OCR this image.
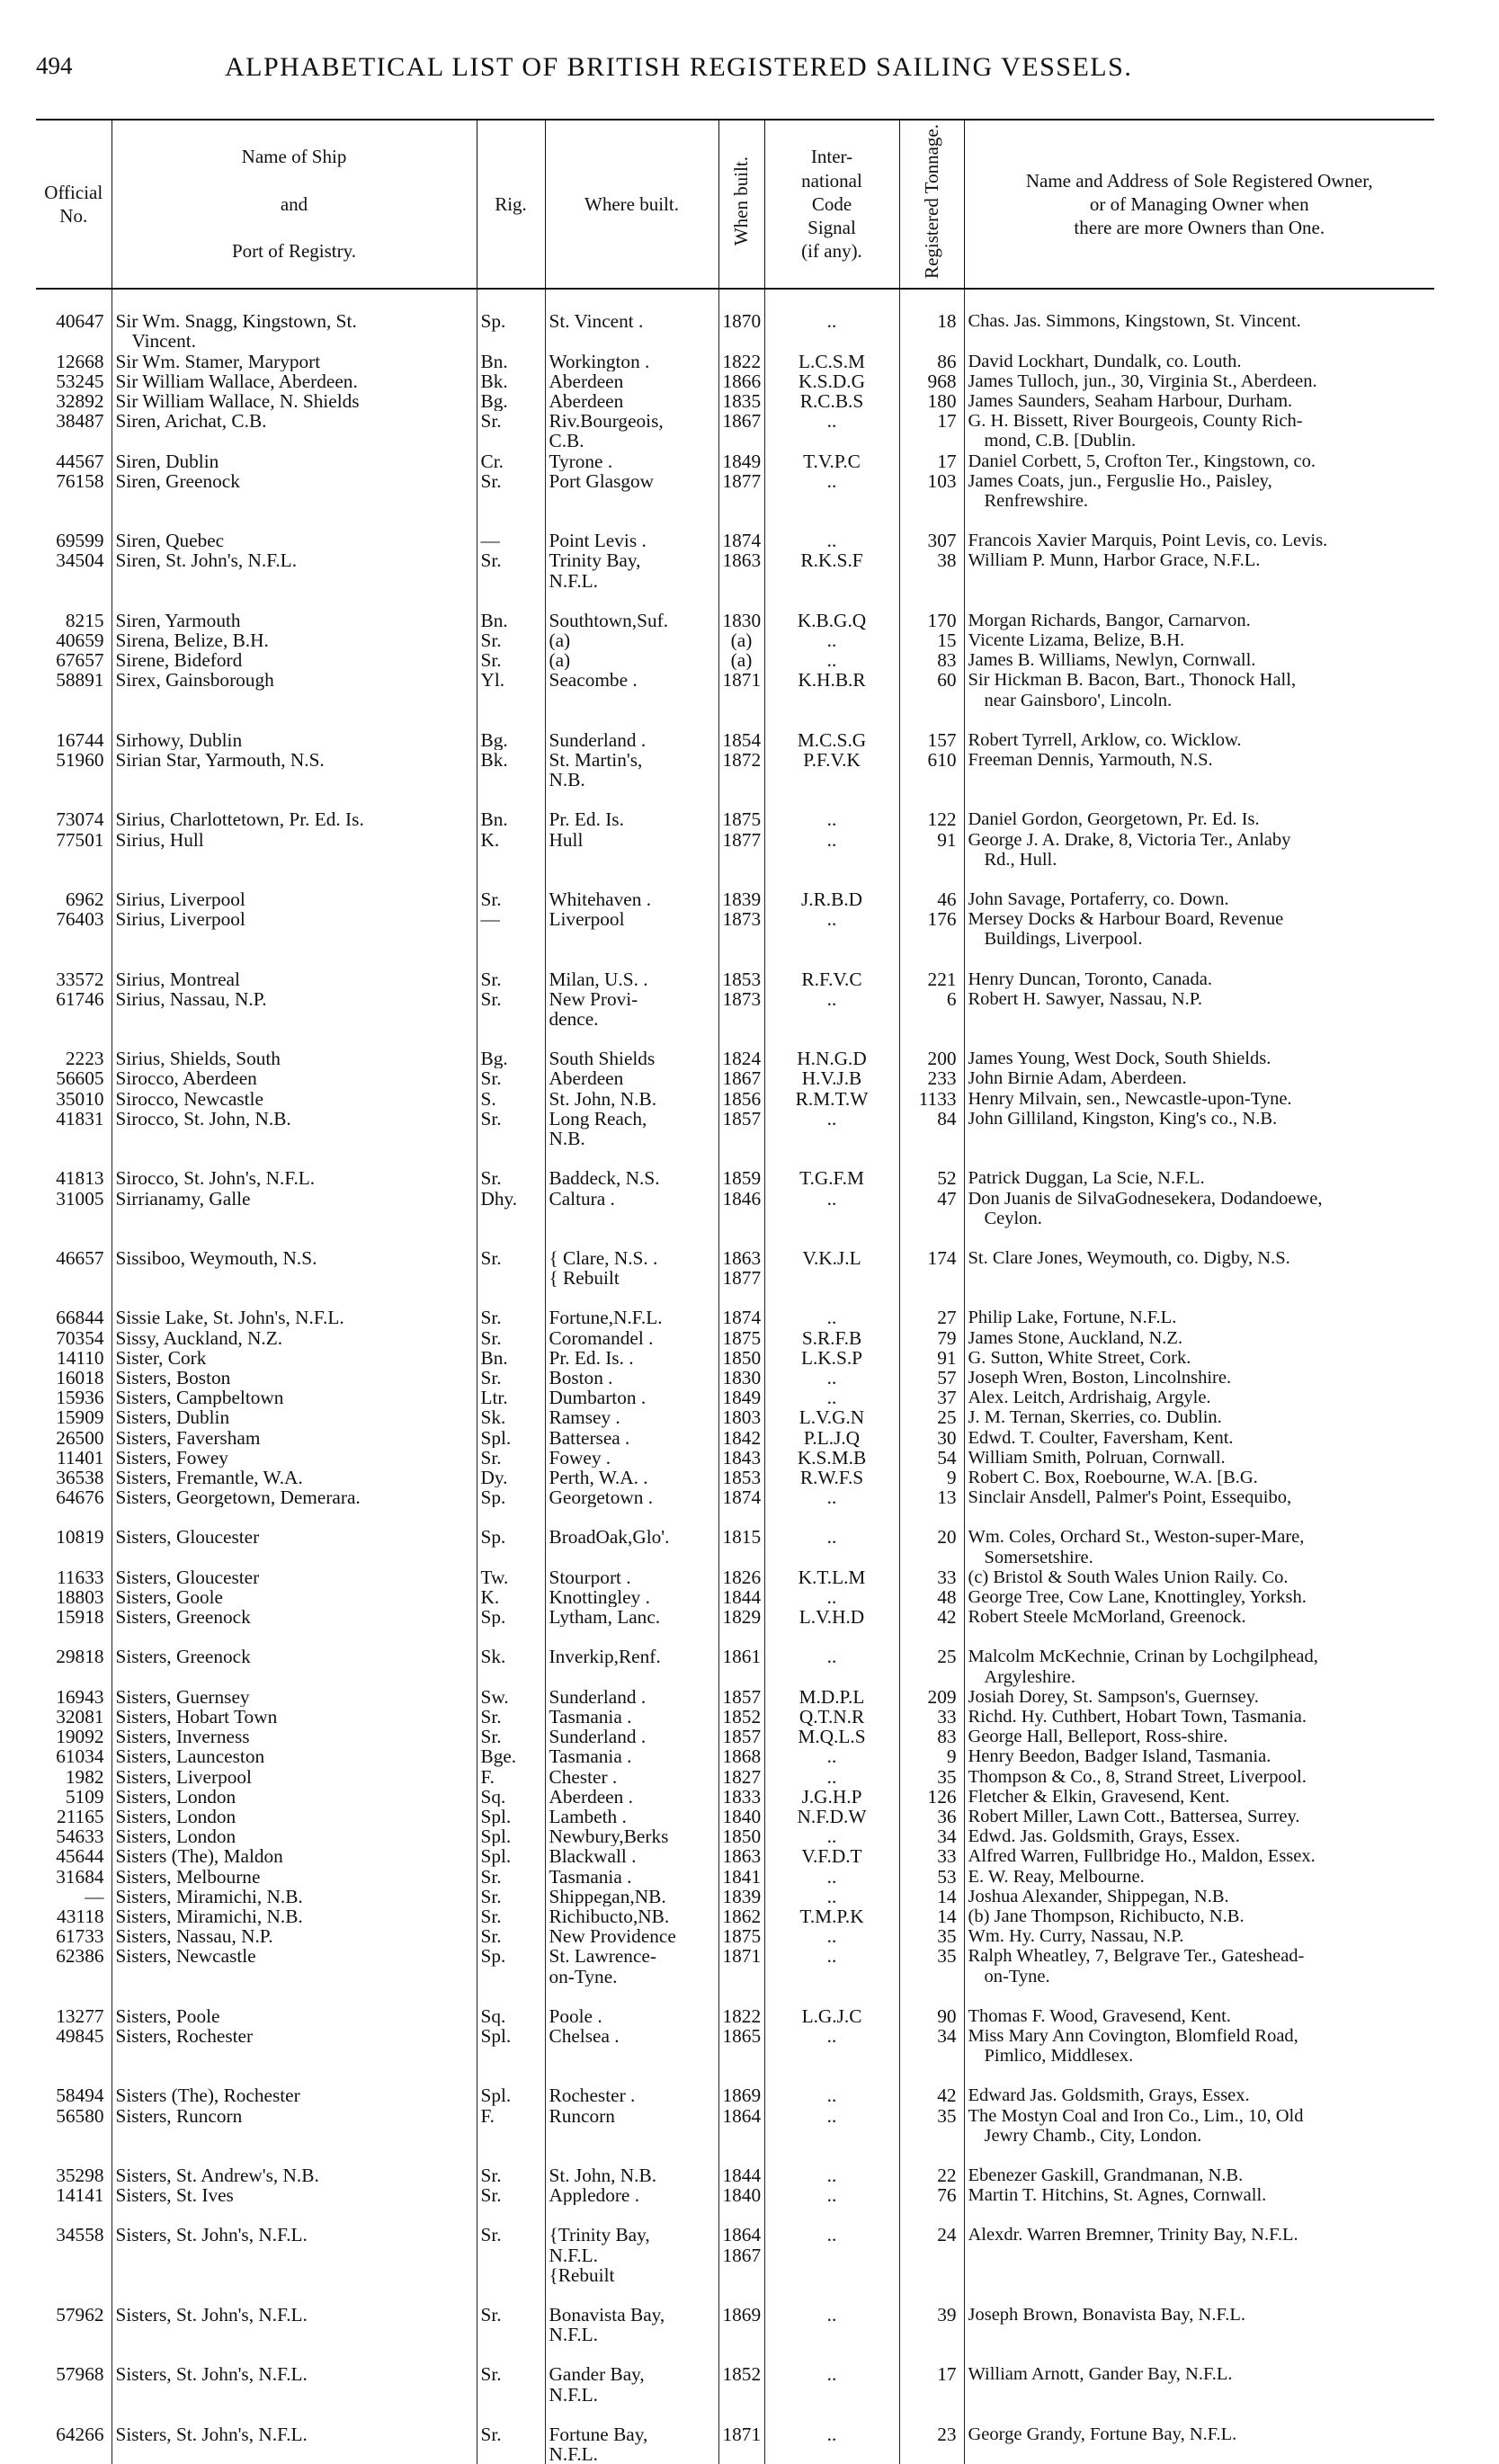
494	ALPHABETICAL LIST OF BRITISH REGISTERED SAILING VESSELS.
Official No.	Name of Ship

and

Port of Registry.	Rig.	Where built.	When built.	Inter-
national
Code
Signal
(if any).	Registered Tonnage.	Name and Address of Sole Registered Owner,
or of Managing Owner when
there are more Owners than One.

40647	Sir Wm. Snagg, Kingstown, St.
Vincent.	Sp.	St. Vincent .	1870	..	18	Chas. Jas. Simmons, Kingstown, St. Vincent.

12668	Sir Wm. Stamer, Maryport	Bn.	Workington .	1822	L.C.S.M	86	David Lockhart, Dundalk, co. Louth.

53245	Sir William Wallace, Aberdeen.	Bk.	Aberdeen	1866	K.S.D.G	968	James Tulloch, jun., 30, Virginia St., Aberdeen.

32892	Sir William Wallace, N. Shields	Bg.	Aberdeen	1835	R.C.B.S	180	James Saunders, Seaham Harbour, Durham.

38487	Siren, Arichat, C.B.	Sr.	Riv.Bourgeois,
C.B.	1867	..	17	G. H. Bissett, River Bourgeois, County Rich-
mond, C.B. [Dublin.

44567	Siren, Dublin	Cr.	Tyrone .	1849	T.V.P.C	17	Daniel Corbett, 5, Crofton Ter., Kingstown, co.

76158	Siren, Greenock	Sr.	Port Glasgow	1877	..	103	James Coats, jun., Ferguslie Ho., Paisley,
Renfrewshire.

69599	Siren, Quebec	—	Point Levis .	1874	..	307	Francois Xavier Marquis, Point Levis, co. Levis.

34504	Siren, St. John's, N.F.L.	Sr.	Trinity Bay,
N.F.L.	1863	R.K.S.F	38	William P. Munn, Harbor Grace, N.F.L.

8215	Siren, Yarmouth	Bn.	Southtown,Suf.	1830	K.B.G.Q	170	Morgan Richards, Bangor, Carnarvon.

40659	Sirena, Belize, B.H.	Sr.	(a)	(a)	..	15	Vicente Lizama, Belize, B.H.

67657	Sirene, Bideford	Sr.	(a)	(a)	..	83	James B. Williams, Newlyn, Cornwall.

58891	Sirex, Gainsborough	Yl.	Seacombe .	1871	K.H.B.R	60	Sir Hickman B. Bacon, Bart., Thonock Hall,
near Gainsboro', Lincoln.

16744	Sirhowy, Dublin	Bg.	Sunderland .	1854	M.C.S.G	157	Robert Tyrrell, Arklow, co. Wicklow.

51960	Sirian Star, Yarmouth, N.S.	Bk.	St. Martin's,
N.B.	1872	P.F.V.K	610	Freeman Dennis, Yarmouth, N.S.

73074	Sirius, Charlottetown, Pr. Ed. Is.	Bn.	Pr. Ed. Is.	1875	..	122	Daniel Gordon, Georgetown, Pr. Ed. Is.

77501	Sirius, Hull	K.	Hull	1877	..	91	George J. A. Drake, 8, Victoria Ter., Anlaby
Rd., Hull.

6962	Sirius, Liverpool	Sr.	Whitehaven .	1839	J.R.B.D	46	John Savage, Portaferry, co. Down.

76403	Sirius, Liverpool	—	Liverpool	1873	..	176	Mersey Docks & Harbour Board, Revenue
Buildings, Liverpool.

33572	Sirius, Montreal	Sr.	Milan, U.S. .	1853	R.F.V.C	221	Henry Duncan, Toronto, Canada.

61746	Sirius, Nassau, N.P.	Sr.	New Provi-
dence.	1873	..	6	Robert H. Sawyer, Nassau, N.P.

2223	Sirius, Shields, South	Bg.	South Shields	1824	H.N.G.D	200	James Young, West Dock, South Shields.

56605	Sirocco, Aberdeen	Sr.	Aberdeen	1867	H.V.J.B	233	John Birnie Adam, Aberdeen.

35010	Sirocco, Newcastle	S.	St. John, N.B.	1856	R.M.T.W	1133	Henry Milvain, sen., Newcastle-upon-Tyne.

41831	Sirocco, St. John, N.B.	Sr.	Long Reach,
N.B.	1857	..	84	John Gilliland, Kingston, King's co., N.B.

41813	Sirocco, St. John's, N.F.L.	Sr.	Baddeck, N.S.	1859	T.G.F.M	52	Patrick Duggan, La Scie, N.F.L.

31005	Sirrianamy, Galle	Dhy.	Caltura .	1846	..	47	Don Juanis de SilvaGodnesekera, Dodandoewe,
Ceylon.

46657	Sissiboo, Weymouth, N.S.	Sr.	{ Clare, N.S. .
{ Rebuilt	1863
1877	V.K.J.L	174	St. Clare Jones, Weymouth, co. Digby, N.S.

66844	Sissie Lake, St. John's, N.F.L.	Sr.	Fortune,N.F.L.	1874	..	27	Philip Lake, Fortune, N.F.L.

70354	Sissy, Auckland, N.Z.	Sr.	Coromandel .	1875	S.R.F.B	79	James Stone, Auckland, N.Z.

14110	Sister, Cork	Bn.	Pr. Ed. Is. .	1850	L.K.S.P	91	G. Sutton, White Street, Cork.

16018	Sisters, Boston	Sr.	Boston .	1830	..	57	Joseph Wren, Boston, Lincolnshire.

15936	Sisters, Campbeltown	Ltr.	Dumbarton .	1849	..	37	Alex. Leitch, Ardrishaig, Argyle.

15909	Sisters, Dublin	Sk.	Ramsey .	1803	L.V.G.N	25	J. M. Ternan, Skerries, co. Dublin.

26500	Sisters, Faversham	Spl.	Battersea .	1842	P.L.J.Q	30	Edwd. T. Coulter, Faversham, Kent.

11401	Sisters, Fowey	Sr.	Fowey .	1843	K.S.M.B	54	William Smith, Polruan, Cornwall.

36538	Sisters, Fremantle, W.A.	Dy.	Perth, W.A. .	1853	R.W.F.S	9	Robert C. Box, Roebourne, W.A. [B.G.

64676	Sisters, Georgetown, Demerara.	Sp.	Georgetown .	1874	..	13	Sinclair Ansdell, Palmer's Point, Essequibo,

10819	Sisters, Gloucester	Sp.	BroadOak,Glo'.	1815	..	20	Wm. Coles, Orchard St., Weston-super-Mare,
Somersetshire.

11633	Sisters, Gloucester	Tw.	Stourport .	1826	K.T.L.M	33	(c) Bristol & South Wales Union Raily. Co.

18803	Sisters, Goole	K.	Knottingley .	1844	..	48	George Tree, Cow Lane, Knottingley, Yorksh.

15918	Sisters, Greenock	Sp.	Lytham, Lanc.	1829	L.V.H.D	42	Robert Steele McMorland, Greenock.

29818	Sisters, Greenock	Sk.	Inverkip,Renf.	1861	..	25	Malcolm McKechnie, Crinan by Lochgilphead,
Argyleshire.

16943	Sisters, Guernsey	Sw.	Sunderland .	1857	M.D.P.L	209	Josiah Dorey, St. Sampson's, Guernsey.

32081	Sisters, Hobart Town	Sr.	Tasmania .	1852	Q.T.N.R	33	Richd. Hy. Cuthbert, Hobart Town, Tasmania.

19092	Sisters, Inverness	Sr.	Sunderland .	1857	M.Q.L.S	83	George Hall, Belleport, Ross-shire.

61034	Sisters, Launceston	Bge.	Tasmania .	1868	..	9	Henry Beedon, Badger Island, Tasmania.

1982	Sisters, Liverpool	F.	Chester .	1827	..	35	Thompson & Co., 8, Strand Street, Liverpool.

5109	Sisters, London	Sq.	Aberdeen .	1833	J.G.H.P	126	Fletcher & Elkin, Gravesend, Kent.

21165	Sisters, London	Spl.	Lambeth .	1840	N.F.D.W	36	Robert Miller, Lawn Cott., Battersea, Surrey.

54633	Sisters, London	Spl.	Newbury,Berks	1850	..	34	Edwd. Jas. Goldsmith, Grays, Essex.

45644	Sisters (The), Maldon	Spl.	Blackwall .	1863	V.F.D.T	33	Alfred Warren, Fullbridge Ho., Maldon, Essex.

31684	Sisters, Melbourne	Sr.	Tasmania .	1841	..	53	E. W. Reay, Melbourne.

—	Sisters, Miramichi, N.B.	Sr.	Shippegan,NB.	1839	..	14	Joshua Alexander, Shippegan, N.B.

43118	Sisters, Miramichi, N.B.	Sr.	Richibucto,NB.	1862	T.M.P.K	14	(b) Jane Thompson, Richibucto, N.B.

61733	Sisters, Nassau, N.P.	Sr.	New Providence	1875	..	35	Wm. Hy. Curry, Nassau, N.P.

62386	Sisters, Newcastle	Sp.	St. Lawrence-
on-Tyne.	1871	..	35	Ralph Wheatley, 7, Belgrave Ter., Gateshead-
on-Tyne.

13277	Sisters, Poole	Sq.	Poole .	1822	L.G.J.C	90	Thomas F. Wood, Gravesend, Kent.

49845	Sisters, Rochester	Spl.	Chelsea .	1865	..	34	Miss Mary Ann Covington, Blomfield Road,
Pimlico, Middlesex.

58494	Sisters (The), Rochester	Spl.	Rochester .	1869	..	42	Edward Jas. Goldsmith, Grays, Essex.

56580	Sisters, Runcorn	F.	Runcorn	1864	..	35	The Mostyn Coal and Iron Co., Lim., 10, Old
Jewry Chamb., City, London.

35298	Sisters, St. Andrew's, N.B.	Sr.	St. John, N.B.	1844	..	22	Ebenezer Gaskill, Grandmanan, N.B.

14141	Sisters, St. Ives	Sr.	Appledore .	1840	..	76	Martin T. Hitchins, St. Agnes, Cornwall.

34558	Sisters, St. John's, N.F.L.	Sr.	{Trinity Bay,
N.F.L.
{Rebuilt	1864
1867	..	24	Alexdr. Warren Bremner, Trinity Bay, N.F.L.

57962	Sisters, St. John's, N.F.L.	Sr.	Bonavista Bay,
N.F.L.	1869	..	39	Joseph Brown, Bonavista Bay, N.F.L.

57968	Sisters, St. John's, N.F.L.	Sr.	Gander Bay,
N.F.L.	1852	..	17	William Arnott, Gander Bay, N.F.L.

64266	Sisters, St. John's, N.F.L.	Sr.	Fortune Bay,
N.F.L.	1871	..	23	George Grandy, Fortune Bay, N.F.L.
